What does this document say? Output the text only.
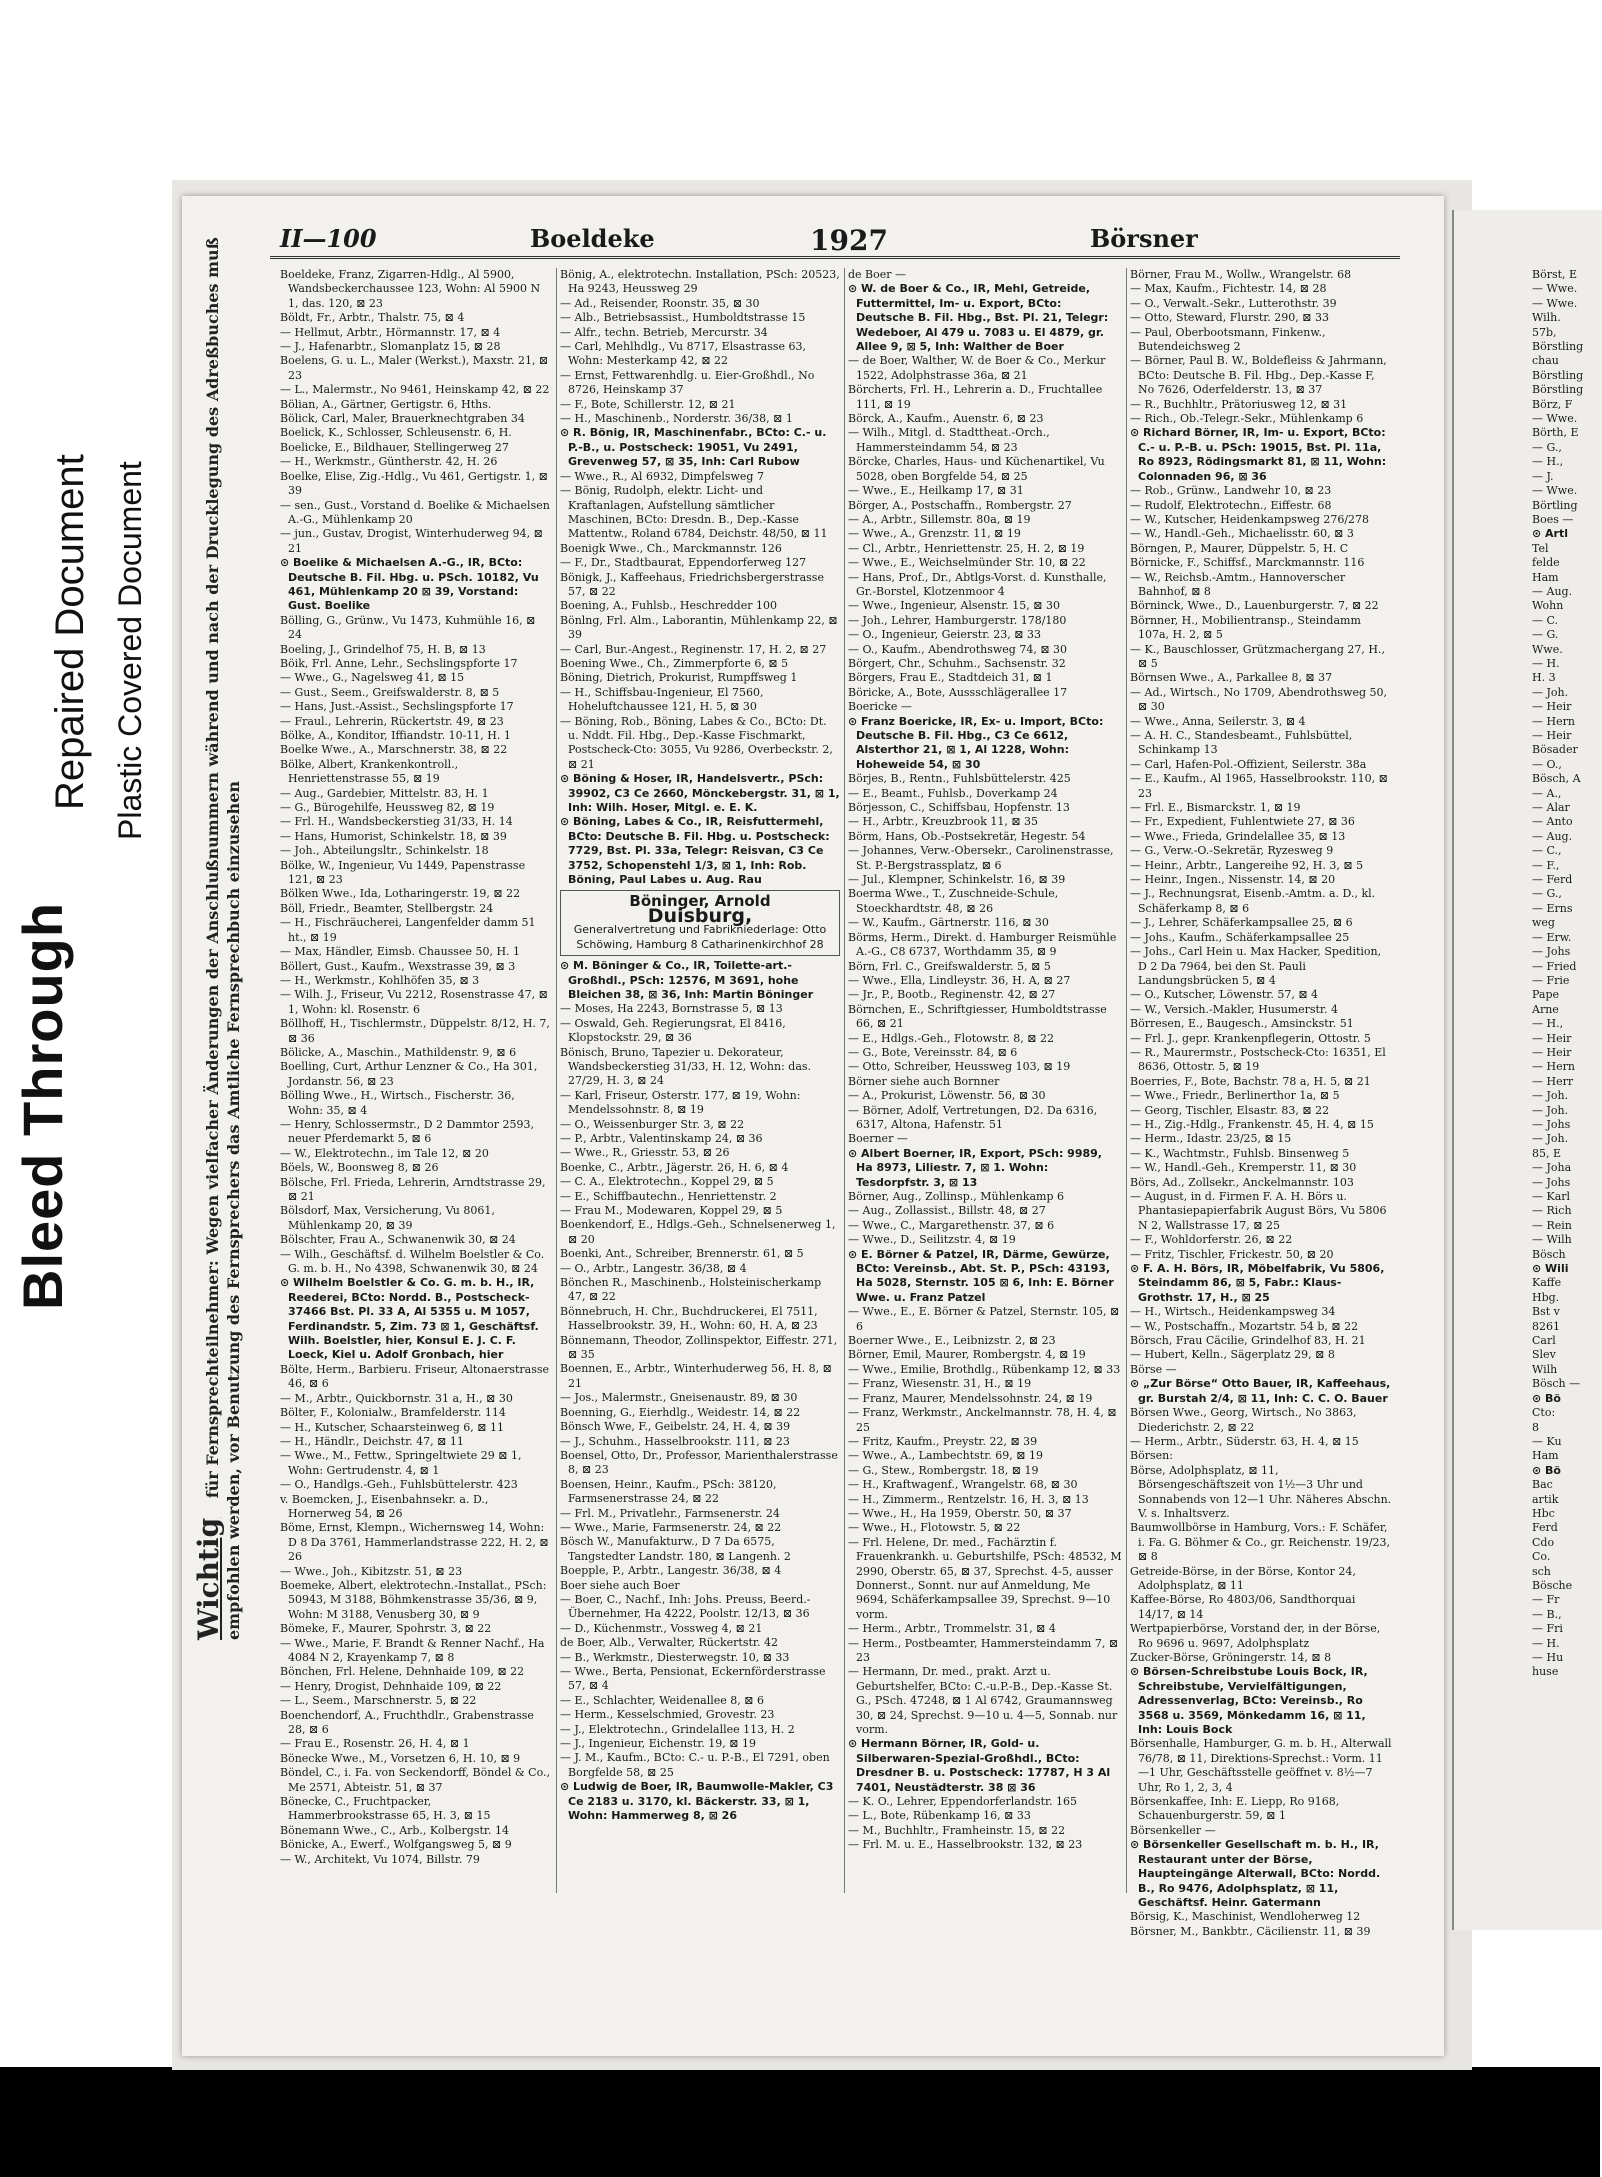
Bleed Through
Repaired Document Plastic Covered Document
Wichtig für Fernsprechteilnehmer: Wegen vielfacher Änderungen der Anschlußnummern während und nach der Drucklegung des Adreßbuches muß empfohlen werden, vor Benutzung des Fernsprechers das Amtliche Fernsprechbuch einzusehen
II—100	Boeldeke	1927	Börsner

Boeldeke, Franz, Zigarren-Hdlg., Al 5900, Wandsbeckerchaussee 123, Wohn: Al 5900 N 1, das. 120, ⊠ 23

Böldt, Fr., Arbtr., Thalstr. 75, ⊠ 4

— Hellmut, Arbtr., Hörmannstr. 17, ⊠ 4

— J., Hafenarbtr., Slomanplatz 15, ⊠ 28

Boelens, G. u. L., Maler (Werkst.), Maxstr. 21, ⊠ 23

— L., Malermstr., No 9461, Heinskamp 42, ⊠ 22

Bölian, A., Gärtner, Gertigstr. 6, Hths.

Bölick, Carl, Maler, Brauerknechtgraben 34

Boelick, K., Schlosser, Schleusenstr. 6, H.

Boelicke, E., Bildhauer, Stellingerweg 27

— H., Werkmstr., Güntherstr. 42, H. 26

Boelke, Elise, Zig.-Hdlg., Vu 461, Gertigstr. 1, ⊠ 39

— sen., Gust., Vorstand d. Boelike & Michaelsen A.-G., Mühlenkamp 20

— jun., Gustav, Drogist, Winterhuderweg 94, ⊠ 21

⊙ Boelike & Michaelsen A.-G., IR, BCto: Deutsche B. Fil. Hbg. u. PSch. 10182, Vu 461, Mühlenkamp 20 ⊠ 39, Vorstand: Gust. Boelike

Bölling, G., Grünw., Vu 1473, Kuhmühle 16, ⊠ 24

Boeling, J., Grindelhof 75, H. B, ⊠ 13

Böik, Frl. Anne, Lehr., Sechslingspforte 17

— Wwe., G., Nagelsweg 41, ⊠ 15

— Gust., Seem., Greifswalderstr. 8, ⊠ 5

— Hans, Just.-Assist., Sechslingspforte 17

— Fraul., Lehrerin, Rückertstr. 49, ⊠ 23

Bölke, A., Konditor, Iffiandstr. 10-11, H. 1

Boelke Wwe., A., Marschnerstr. 38, ⊠ 22

Bölke, Albert, Krankenkontroll., Henriettenstrasse 55, ⊠ 19

— Aug., Gardebier, Mittelstr. 83, H. 1

— G., Bürogehilfe, Heussweg 82, ⊠ 19

— Frl. H., Wandsbeckerstieg 31/33, H. 14

— Hans, Humorist, Schinkelstr. 18, ⊠ 39

— Joh., Abteilungsltr., Schinkelstr. 18

Bölke, W., Ingenieur, Vu 1449, Papenstrasse 121, ⊠ 23

Bölken Wwe., Ida, Lotharingerstr. 19, ⊠ 22

Böll, Friedr., Beamter, Stellbergstr. 24

— H., Fischräucherei, Langenfelder damm 51 ht., ⊠ 19

— Max, Händler, Eimsb. Chaussee 50, H. 1

Böllert, Gust., Kaufm., Wexstrasse 39, ⊠ 3

— H., Werkmstr., Kohlhöfen 35, ⊠ 3

— Wilh. J., Friseur, Vu 2212, Rosenstrasse 47, ⊠ 1, Wohn: kl. Rosenstr. 6

Böllhoff, H., Tischlermstr., Düppelstr. 8/12, H. 7, ⊠ 36

Bölicke, A., Maschin., Mathildenstr. 9, ⊠ 6

Boelling, Curt, Arthur Lenzner & Co., Ha 301, Jordanstr. 56, ⊠ 23

Bölling Wwe., H., Wirtsch., Fischerstr. 36, Wohn: 35, ⊠ 4

— Henry, Schlossermstr., D 2 Dammtor 2593, neuer Pferdemarkt 5, ⊠ 6

— W., Elektrotechn., im Tale 12, ⊠ 20

Böels, W., Boonsweg 8, ⊠ 26

Bölsche, Frl. Frieda, Lehrerin, Arndtstrasse 29, ⊠ 21

Bölsdorf, Max, Versicherung, Vu 8061, Mühlenkamp 20, ⊠ 39

Bölschter, Frau A., Schwanenwik 30, ⊠ 24

— Wilh., Geschäftsf. d. Wilhelm Boelstler & Co. G. m. b. H., No 4398, Schwanenwik 30, ⊠ 24

⊙ Wilhelm Boelstler & Co. G. m. b. H., IR, Reederei, BCto: Nordd. B., Postscheck-37466 Bst. Pl. 33 A, Al 5355 u. M 1057, Ferdinandstr. 5, Zim. 73 ⊠ 1, Geschäftsf. Wilh. Boelstler, hier, Konsul E. J. C. F. Loeck, Kiel u. Adolf Gronbach, hier

Bölte, Herm., Barbieru. Friseur, Altonaerstrasse 46, ⊠ 6

— M., Arbtr., Quickbornstr. 31 a, H., ⊠ 30

Bölter, F., Kolonialw., Bramfelderstr. 114

— H., Kutscher, Schaarsteinweg 6, ⊠ 11

— H., Händlr., Deichstr. 47, ⊠ 11

— Wwe., M., Fettw., Springeltwiete 29 ⊠ 1, Wohn: Gertrudenstr. 4, ⊠ 1

— O., Handlgs.-Geh., Fuhlsbüttelerstr. 423

v. Boemcken, J., Eisenbahnsekr. a. D., Hornerweg 54, ⊠ 26

Böme, Ernst, Klempn., Wichernsweg 14, Wohn: D 8 Da 3761, Hammerlandstrasse 222, H. 2, ⊠ 26

— Wwe., Joh., Kibitzstr. 51, ⊠ 23

Boemeke, Albert, elektrotechn.-Installat., PSch: 50943, M 3188, Böhmkenstrasse 35/36, ⊠ 9, Wohn: M 3188, Venusberg 30, ⊠ 9

Bömeke, F., Maurer, Spohrstr. 3, ⊠ 22

— Wwe., Marie, F. Brandt & Renner Nachf., Ha 4084 N 2, Krayenkamp 7, ⊠ 8

Bönchen, Frl. Helene, Dehnhaide 109, ⊠ 22

— Henry, Drogist, Dehnhaide 109, ⊠ 22

— L., Seem., Marschnerstr. 5, ⊠ 22

Boenchendorf, A., Fruchthdlr., Grabenstrasse 28, ⊠ 6

— Frau E., Rosenstr. 26, H. 4, ⊠ 1

Bönecke Wwe., M., Vorsetzen 6, H. 10, ⊠ 9

Böndel, C., i. Fa. von Seckendorff, Böndel & Co., Me 2571, Abteistr. 51, ⊠ 37

Bönecke, C., Fruchtpacker, Hammerbrookstrasse 65, H. 3, ⊠ 15

Bönemann Wwe., C., Arb., Kolbergstr. 14

Bönicke, A., Ewerf., Wolfgangsweg 5, ⊠ 9

— W., Architekt, Vu 1074, Billstr. 79

Bönig, A., elektrotechn. Installation, PSch: 20523, Ha 9243, Heussweg 29

— Ad., Reisender, Roonstr. 35, ⊠ 30

— Alb., Betriebsassist., Humboldtstrasse 15

— Alfr., techn. Betrieb, Mercurstr. 34

— Carl, Mehlhdlg., Vu 8717, Elsastrasse 63, Wohn: Mesterkamp 42, ⊠ 22

— Ernst, Fettwarenhdlg. u. Eier-Großhdl., No 8726, Heinskamp 37

— F., Bote, Schillerstr. 12, ⊠ 21

— H., Maschinenb., Norderstr. 36/38, ⊠ 1

⊙ R. Bönig, IR, Maschinenfabr., BCto: C.- u. P.-B., u. Postscheck: 19051, Vu 2491, Grevenweg 57, ⊠ 35, Inh: Carl Rubow

— Wwe., R., Al 6932, Dimpfelsweg 7

— Bönig, Rudolph, elektr. Licht- und Kraftanlagen, Aufstellung sämtlicher Maschinen, BCto: Dresdn. B., Dep.-Kasse Mattentw., Roland 6784, Deichstr. 48/50, ⊠ 11

Boenigk Wwe., Ch., Marckmannstr. 126

— F., Dr., Stadtbaurat, Eppendorferweg 127

Bönigk, J., Kaffeehaus, Friedrichsbergerstrasse 57, ⊠ 22

Boening, A., Fuhlsb., Heschredder 100

Bönlng, Frl. Alm., Laborantin, Mühlenkamp 22, ⊠ 39

— Carl, Bur.-Angest., Reginenstr. 17, H. 2, ⊠ 27

Boening Wwe., Ch., Zimmerpforte 6, ⊠ 5

Böning, Dietrich, Prokurist, Rumpffsweg 1

— H., Schiffsbau-Ingenieur, El 7560, Hoheluftchaussee 121, H. 5, ⊠ 30

— Böning, Rob., Böning, Labes & Co., BCto: Dt. u. Nddt. Fil. Hbg., Dep.-Kasse Fischmarkt, Postscheck-Cto: 3055, Vu 9286, Overbeckstr. 2, ⊠ 21

⊙ Böning & Hoser, IR, Handelsvertr., PSch: 39902, C3 Ce 2660, Mönckebergstr. 31, ⊠ 1, Inh: Wilh. Hoser, Mitgl. e. E. K.

⊙ Böning, Labes & Co., IR, Reisfuttermehl, BCto: Deutsche B. Fil. Hbg. u. Postscheck: 7729, Bst. Pl. 33a, Telegr: Reisvan, C3 Ce 3752, Schopenstehl 1/3, ⊠ 1, Inh: Rob. Böning, Paul Labes u. Aug. Rau

Böninger, Arnold
Duisburg,
Generalvertretung und Fabrikniederlage: Otto Schöwing, Hamburg 8 Catharinenkirchhof 28

⊙ M. Böninger & Co., IR, Toilette-art.-Großhdl., PSch: 12576, M 3691, hohe Bleichen 38, ⊠ 36, Inh: Martin Böninger

— Moses, Ha 2243, Bornstrasse 5, ⊠ 13

— Oswald, Geh. Regierungsrat, El 8416, Klopstockstr. 29, ⊠ 36

Bönisch, Bruno, Tapezier u. Dekorateur, Wandsbeckerstieg 31/33, H. 12, Wohn: das. 27/29, H. 3, ⊠ 24

— Karl, Friseur, Osterstr. 177, ⊠ 19, Wohn: Mendelssohnstr. 8, ⊠ 19

— O., Weissenburger Str. 3, ⊠ 22

— P., Arbtr., Valentinskamp 24, ⊠ 36

— Wwe., R., Griesstr. 53, ⊠ 26

Boenke, C., Arbtr., Jägerstr. 26, H. 6, ⊠ 4

— C. A., Elektrotechn., Koppel 29, ⊠ 5

— E., Schiffbautechn., Henriettenstr. 2

— Frau M., Modewaren, Koppel 29, ⊠ 5

Boenkendorf, E., Hdlgs.-Geh., Schnelsenerweg 1, ⊠ 20

Boenki, Ant., Schreiber, Brennerstr. 61, ⊠ 5

— O., Arbtr., Langestr. 36/38, ⊠ 4

Bönchen R., Maschinenb., Holsteinischerkamp 47, ⊠ 22

Bönnebruch, H. Chr., Buchdruckerei, El 7511, Hasselbrookstr. 39, H., Wohn: 60, H. A, ⊠ 23

Bönnemann, Theodor, Zollinspektor, Eiffestr. 271, ⊠ 35

Boennen, E., Arbtr., Winterhuderweg 56, H. 8, ⊠ 21

— Jos., Malermstr., Gneisenaustr. 89, ⊠ 30

Boenning, G., Eierhdlg., Weidestr. 14, ⊠ 22

Bönsch Wwe, F., Geibelstr. 24, H. 4, ⊠ 39

— J., Schuhm., Hasselbrookstr. 111, ⊠ 23

Boensel, Otto, Dr., Professor, Marienthalerstrasse 8, ⊠ 23

Boensen, Heinr., Kaufm., PSch: 38120, Farmsenerstrasse 24, ⊠ 22

— Frl. M., Privatlehr., Farmsenerstr. 24

— Wwe., Marie, Farmsenerstr. 24, ⊠ 22

Bösch W., Manufakturw., D 7 Da 6575, Tangstedter Landstr. 180, ⊠ Langenh. 2

Boepple, P., Arbtr., Langestr. 36/38, ⊠ 4

Boer siehe auch Boer

— Boer, C., Nachf., Inh: Johs. Preuss, Beerd.-Übernehmer, Ha 4222, Poolstr. 12/13, ⊠ 36

— D., Küchenmstr., Vossweg 4, ⊠ 21

de Boer, Alb., Verwalter, Rückertstr. 42

— B., Werkmstr., Diesterwegstr. 10, ⊠ 33

— Wwe., Berta, Pensionat, Eckernförderstrasse 57, ⊠ 4

— E., Schlachter, Weidenallee 8, ⊠ 6

— Herm., Kesselschmied, Grovestr. 23

— J., Elektrotechn., Grindelallee 113, H. 2

— J., Ingenieur, Eichenstr. 19, ⊠ 19

— J. M., Kaufm., BCto: C.- u. P.-B., El 7291, oben Borgfelde 58, ⊠ 25

⊙ Ludwig de Boer, IR, Baumwolle-Makler, C3 Ce 2183 u. 3170, kl. Bäckerstr. 33, ⊠ 1, Wohn: Hammerweg 8, ⊠ 26

de Boer —

⊙ W. de Boer & Co., IR, Mehl, Getreide, Futtermittel, Im- u. Export, BCto: Deutsche B. Fil. Hbg., Bst. Pl. 21, Telegr: Wedeboer, Al 479 u. 7083 u. El 4879, gr. Allee 9, ⊠ 5, Inh: Walther de Boer

— de Boer, Walther, W. de Boer & Co., Merkur 1522, Adolphstrasse 36a, ⊠ 21

Börcherts, Frl. H., Lehrerin a. D., Fruchtallee 111, ⊠ 19

Börck, A., Kaufm., Auenstr. 6, ⊠ 23

— Wilh., Mitgl. d. Stadttheat.-Orch., Hammersteindamm 54, ⊠ 23

Börcke, Charles, Haus- und Küchenartikel, Vu 5028, oben Borgfelde 54, ⊠ 25

— Wwe., E., Heilkamp 17, ⊠ 31

Börger, A., Postschaffn., Rombergstr. 27

— A., Arbtr., Sillemstr. 80a, ⊠ 19

— Wwe., A., Grenzstr. 11, ⊠ 19

— Cl., Arbtr., Henriettenstr. 25, H. 2, ⊠ 19

— Wwe., E., Weichselmünder Str. 10, ⊠ 22

— Hans, Prof., Dr., Abtlgs-Vorst. d. Kunsthalle, Gr.-Borstel, Klotzenmoor 4

— Wwe., Ingenieur, Alsenstr. 15, ⊠ 30

— Joh., Lehrer, Hamburgerstr. 178/180

— O., Ingenieur, Geierstr. 23, ⊠ 33

— O., Kaufm., Abendrothsweg 74, ⊠ 30

Börgert, Chr., Schuhm., Sachsenstr. 32

Börgers, Frau E., Stadtdeich 31, ⊠ 1

Böricke, A., Bote, Aussschlägerallee 17

Boericke —

⊙ Franz Boericke, IR, Ex- u. Import, BCto: Deutsche B. Fil. Hbg., C3 Ce 6612, Alsterthor 21, ⊠ 1, Al 1228, Wohn: Hoheweide 54, ⊠ 30

Börjes, B., Rentn., Fuhlsbüttelerstr. 425

— E., Beamt., Fuhlsb., Doverkamp 24

Börjesson, C., Schiffsbau, Hopfenstr. 13

— H., Arbtr., Kreuzbrook 11, ⊠ 35

Börm, Hans, Ob.-Postsekretär, Hegestr. 54

— Johannes, Verw.-Obersekr., Carolinenstrasse, St. P.-Bergstrassplatz, ⊠ 6

— Jul., Klempner, Schinkelstr. 16, ⊠ 39

Boerma Wwe., T., Zuschneide-Schule, Stoeckhardtstr. 48, ⊠ 26

— W., Kaufm., Gärtnerstr. 116, ⊠ 30

Börms, Herm., Direkt. d. Hamburger Reismühle A.-G., C8 6737, Worthdamm 35, ⊠ 9

Börn, Frl. C., Greifswalderstr. 5, ⊠ 5

— Wwe., Ella, Lindleystr. 36, H. A, ⊠ 27

— Jr., P., Bootb., Reginenstr. 42, ⊠ 27

Börnchen, E., Schriftgiesser, Humboldtstrasse 66, ⊠ 21

— E., Hdlgs.-Geh., Flotowstr. 8, ⊠ 22

— G., Bote, Vereinsstr. 84, ⊠ 6

— Otto, Schreiber, Heussweg 103, ⊠ 19

Börner siehe auch Bornner

— A., Prokurist, Löwenstr. 56, ⊠ 30

— Börner, Adolf, Vertretungen, D2. Da 6316, 6317, Altona, Hafenstr. 51

Boerner —

⊙ Albert Boerner, IR, Export, PSch: 9989, Ha 8973, Liliestr. 7, ⊠ 1. Wohn: Tesdorpfstr. 3, ⊠ 13

Börner, Aug., Zollinsp., Mühlenkamp 6

— Aug., Zollassist., Billstr. 48, ⊠ 27

— Wwe., C., Margarethenstr. 37, ⊠ 6

— Wwe., D., Seilitzstr. 4, ⊠ 19

⊙ E. Börner & Patzel, IR, Därme, Gewürze, BCto: Vereinsb., Abt. St. P., PSch: 43193, Ha 5028, Sternstr. 105 ⊠ 6, Inh: E. Börner Wwe. u. Franz Patzel

— Wwe., E., E. Börner & Patzel, Sternstr. 105, ⊠ 6

Boerner Wwe., E., Leibnizstr. 2, ⊠ 23

Börner, Emil, Maurer, Rombergstr. 4, ⊠ 19

— Wwe., Emilie, Brothdlg., Rübenkamp 12, ⊠ 33

— Franz, Wiesenstr. 31, H., ⊠ 19

— Franz, Maurer, Mendelssohnstr. 24, ⊠ 19

— Franz, Werkmstr., Anckelmannstr. 78, H. 4, ⊠ 25

— Fritz, Kaufm., Preystr. 22, ⊠ 39

— Wwe., A., Lambechtstr. 69, ⊠ 19

— G., Stew., Rombergstr. 18, ⊠ 19

— H., Kraftwagenf., Wrangelstr. 68, ⊠ 30

— H., Zimmerm., Rentzelstr. 16, H. 3, ⊠ 13

— Wwe., H., Ha 1959, Oberstr. 50, ⊠ 37

— Wwe., H., Flotowstr. 5, ⊠ 22

— Frl. Helene, Dr. med., Fachärztin f. Frauenkrankh. u. Geburtshilfe, PSch: 48532, M 2990, Oberstr. 65, ⊠ 37, Sprechst. 4-5, ausser Donnerst., Sonnt. nur auf Anmeldung, Me 9694, Schäferkampsallee 39, Sprechst. 9—10 vorm.

— Herm., Arbtr., Trommelstr. 31, ⊠ 4

— Herm., Postbeamter, Hammersteindamm 7, ⊠ 23

— Hermann, Dr. med., prakt. Arzt u. Geburtshelfer, BCto: C.-u.P.-B., Dep.-Kasse St. G., PSch. 47248, ⊠ 1 Al 6742, Graumannsweg 30, ⊠ 24, Sprechst. 9—10 u. 4—5, Sonnab. nur vorm.

⊙ Hermann Börner, IR, Gold- u. Silberwaren-Spezial-Großhdl., BCto: Dresdner B. u. Postscheck: 17787, H 3 Al 7401, Neustädterstr. 38 ⊠ 36

— K. O., Lehrer, Eppendorferlandstr. 165

— L., Bote, Rübenkamp 16, ⊠ 33

— M., Buchhltr., Framheinstr. 15, ⊠ 22

— Frl. M. u. E., Hasselbrookstr. 132, ⊠ 23

Börner, Frau M., Wollw., Wrangelstr. 68

— Max, Kaufm., Fichtestr. 14, ⊠ 28

— O., Verwalt.-Sekr., Lutterothstr. 39

— Otto, Steward, Flurstr. 290, ⊠ 33

— Paul, Oberbootsmann, Finkenw., Butendeichsweg 2

— Börner, Paul B. W., Boldefleiss & Jahrmann, BCto: Deutsche B. Fil. Hbg., Dep.-Kasse F, No 7626, Oderfelderstr. 13, ⊠ 37

— R., Buchhltr., Prätoriusweg 12, ⊠ 31

— Rich., Ob.-Telegr.-Sekr., Mühlenkamp 6

⊙ Richard Börner, IR, Im- u. Export, BCto: C.- u. P.-B. u. PSch: 19015, Bst. Pl. 11a, Ro 8923, Rödingsmarkt 81, ⊠ 11, Wohn: Colonnaden 96, ⊠ 36

— Rob., Grünw., Landwehr 10, ⊠ 23

— Rudolf, Elektrotechn., Eiffestr. 68

— W., Kutscher, Heidenkampsweg 276/278

— W., Handl.-Geh., Michaelisstr. 60, ⊠ 3

Börngen, P., Maurer, Düppelstr. 5, H. C

Börnicke, F., Schiffsf., Marckmannstr. 116

— W., Reichsb.-Amtm., Hannoverscher Bahnhof, ⊠ 8

Börninck, Wwe., D., Lauenburgerstr. 7, ⊠ 22

Börnner, H., Mobilientransp., Steindamm 107a, H. 2, ⊠ 5

— K., Bauschlosser, Grützmachergang 27, H., ⊠ 5

Börnsen Wwe., A., Parkallee 8, ⊠ 37

— Ad., Wirtsch., No 1709, Abendrothsweg 50, ⊠ 30

— Wwe., Anna, Seilerstr. 3, ⊠ 4

— A. H. C., Standesbeamt., Fuhlsbüttel, Schinkamp 13

— Carl, Hafen-Pol.-Offizient, Seilerstr. 38a

— E., Kaufm., Al 1965, Hasselbrookstr. 110, ⊠ 23

— Frl. E., Bismarckstr. 1, ⊠ 19

— Fr., Expedient, Fuhlentwiete 27, ⊠ 36

— Wwe., Frieda, Grindelallee 35, ⊠ 13

— G., Verw.-O.-Sekretär, Ryzesweg 9

— Heinr., Arbtr., Langereihe 92, H. 3, ⊠ 5

— Heinr., Ingen., Nissenstr. 14, ⊠ 20

— J., Rechnungsrat, Eisenb.-Amtm. a. D., kl. Schäferkamp 8, ⊠ 6

— J., Lehrer, Schäferkampsallee 25, ⊠ 6

— Johs., Kaufm., Schäferkampsallee 25

— Johs., Carl Hein u. Max Hacker, Spedition, D 2 Da 7964, bei den St. Pauli Landungsbrücken 5, ⊠ 4

— O., Kutscher, Löwenstr. 57, ⊠ 4

— W., Versich.-Makler, Husumerstr. 4

Börresen, E., Baugesch., Amsinckstr. 51

— Frl. J., gepr. Krankenpflegerin, Ottostr. 5

— R., Maurermstr., Postscheck-Cto: 16351, El 8636, Ottostr. 5, ⊠ 19

Boerries, F., Bote, Bachstr. 78 a, H. 5, ⊠ 21

— Wwe., Friedr., Berlinerthor 1a, ⊠ 5

— Georg, Tischler, Elsastr. 83, ⊠ 22

— H., Zig.-Hdlg., Frankenstr. 45, H. 4, ⊠ 15

— Herm., Idastr. 23/25, ⊠ 15

— K., Wachtmstr., Fuhlsb. Binsenweg 5

— W., Handl.-Geh., Kremperstr. 11, ⊠ 30

Börs, Ad., Zollsekr., Anckelmannstr. 103

— August, in d. Firmen F. A. H. Börs u. Phantasiepapierfabrik August Börs, Vu 5806 N 2, Wallstrasse 17, ⊠ 25

— F., Wohldorferstr. 26, ⊠ 22

— Fritz, Tischler, Frickestr. 50, ⊠ 20

⊙ F. A. H. Börs, IR, Möbelfabrik, Vu 5806, Steindamm 86, ⊠ 5, Fabr.: Klaus-Grothstr. 17, H., ⊠ 25

— H., Wirtsch., Heidenkampsweg 34

— W., Postschaffn., Mozartstr. 54 b, ⊠ 22

Börsch, Frau Cäcilie, Grindelhof 83, H. 21

— Hubert, Kelln., Sägerplatz 29, ⊠ 8

Börse —

⊙ „Zur Börse“ Otto Bauer, IR, Kaffeehaus, gr. Burstah 2/4, ⊠ 11, Inh: C. C. O. Bauer

Börsen Wwe., Georg, Wirtsch., No 3863, Diederichstr. 2, ⊠ 22

— Herm., Arbtr., Süderstr. 63, H. 4, ⊠ 15

Börsen:

Börse, Adolphsplatz, ⊠ 11, Börsengeschäftszeit von 1½—3 Uhr und Sonnabends von 12—1 Uhr. Näheres Abschn. V. s. Inhaltsverz.

Baumwollbörse in Hamburg, Vors.: F. Schäfer, i. Fa. G. Böhmer & Co., gr. Reichenstr. 19/23, ⊠ 8

Getreide-Börse, in der Börse, Kontor 24, Adolphsplatz, ⊠ 11

Kaffee-Börse, Ro 4803/06, Sandthorquai 14/17, ⊠ 14

Wertpapierbörse, Vorstand der, in der Börse, Ro 9696 u. 9697, Adolphsplatz

Zucker-Börse, Gröningerstr. 14, ⊠ 8

⊙ Börsen-Schreibstube Louis Bock, IR, Schreibstube, Vervielfältigungen, Adressenverlag, BCto: Vereinsb., Ro 3568 u. 3569, Mönkedamm 16, ⊠ 11, Inh: Louis Bock

Börsenhalle, Hamburger, G. m. b. H., Alterwall 76/78, ⊠ 11, Direktions-Sprechst.: Vorm. 11—1 Uhr, Geschäftsstelle geöffnet v. 8½—7 Uhr, Ro 1, 2, 3, 4

Börsenkaffee, Inh: E. Liepp, Ro 9168, Schauenburgerstr. 59, ⊠ 1

Börsenkeller —

⊙ Börsenkeller Gesellschaft m. b. H., IR, Restaurant unter der Börse, Haupteingänge Alterwall, BCto: Nordd. B., Ro 9476, Adolphsplatz, ⊠ 11, Geschäftsf. Heinr. Gatermann

Börsig, K., Maschinist, Wendloherweg 12

Börsner, M., Bankbtr., Cäcilienstr. 11, ⊠ 39

Börst, E

— Wwe.

— Wwe.

Wilh.

57b,

Börstling

chau

Börstling

Börstling

Börz, F

— Wwe.

Börth, E

— G.,

— H.,

— J.

— Wwe.

Börtling

Boes —

⊙ Artl

Tel

felde

Ham

— Aug.

Wohn

— C.

— G.

Wwe.

— H.

H. 3

— Joh.

— Heir

— Hern

— Heir

Bösader

— O.,

Bösch, A

— A.,

— Alar

— Anto

— Aug.

— C.,

— F.,

— Ferd

— G.,

— Erns

weg

— Erw.

— Johs

— Fried

— Frie

Pape

Arne

— H.,

— Heir

— Heir

— Hern

— Herr

— Joh.

— Joh.

— Johs

— Joh.

85, E

— Joha

— Johs

— Karl

— Rich

— Rein

— Wilh

Bösch

⊙ Wili

Kaffe

Hbg.

Bst v

8261

Carl

Slev

Wilh

Bösch —

⊙ Bö

Cto:

8

— Ku

Ham

⊙ Bö

Bac

artik

Hbc

Ferd

Cdo

Co.

sch

Bösche

— Fr

— B.,

— Fri

— H.

— Hu

huse
